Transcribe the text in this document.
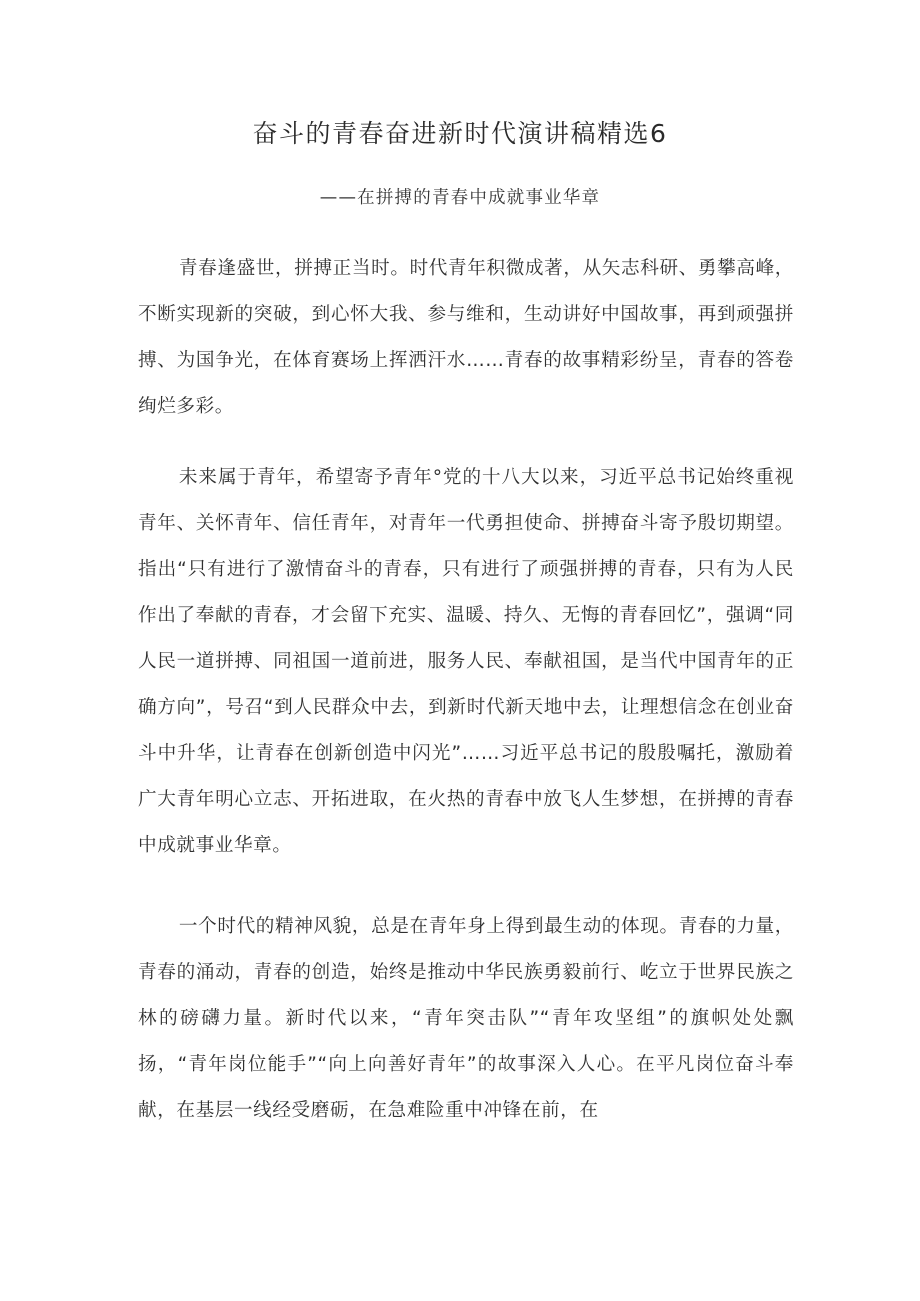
奋斗的青春奋进新时代演讲稿精选6
——在拼搏的青春中成就事业华章

青春逢盛世，拼搏正当时。时代青年积微成著，从矢志科研、勇攀高峰，不断实现新的突破，到心怀大我、参与维和，生动讲好中国故事，再到顽强拼搏、为国争光，在体育赛场上挥洒汗水……青春的故事精彩纷呈，青春的答卷绚烂多彩。

未来属于青年，希望寄予青年°党的十八大以来，习近平总书记始终重视青年、关怀青年、信任青年，对青年一代勇担使命、拼搏奋斗寄予殷切期望。指出“只有进行了激情奋斗的青春，只有进行了顽强拼搏的青春，只有为人民作出了奉献的青春，才会留下充实、温暖、持久、无悔的青春回忆”，强调“同人民一道拼搏、同祖国一道前进，服务人民、奉献祖国，是当代中国青年的正确方向”，号召“到人民群众中去，到新时代新天地中去，让理想信念在创业奋斗中升华，让青春在创新创造中闪光”……习近平总书记的殷殷嘱托，激励着广大青年明心立志、开拓进取，在火热的青春中放飞人生梦想，在拼搏的青春中成就事业华章。

一个时代的精神风貌，总是在青年身上得到最生动的体现。青春的力量，青春的涌动，青春的创造，始终是推动中华民族勇毅前行、屹立于世界民族之林的磅礴力量。新时代以来，“青年突击队”“青年攻坚组”的旗帜处处飘扬，“青年岗位能手”“向上向善好青年”的故事深入人心。在平凡岗位奋斗奉献，在基层一线经受磨砺，在急难险重中冲锋在前，在
